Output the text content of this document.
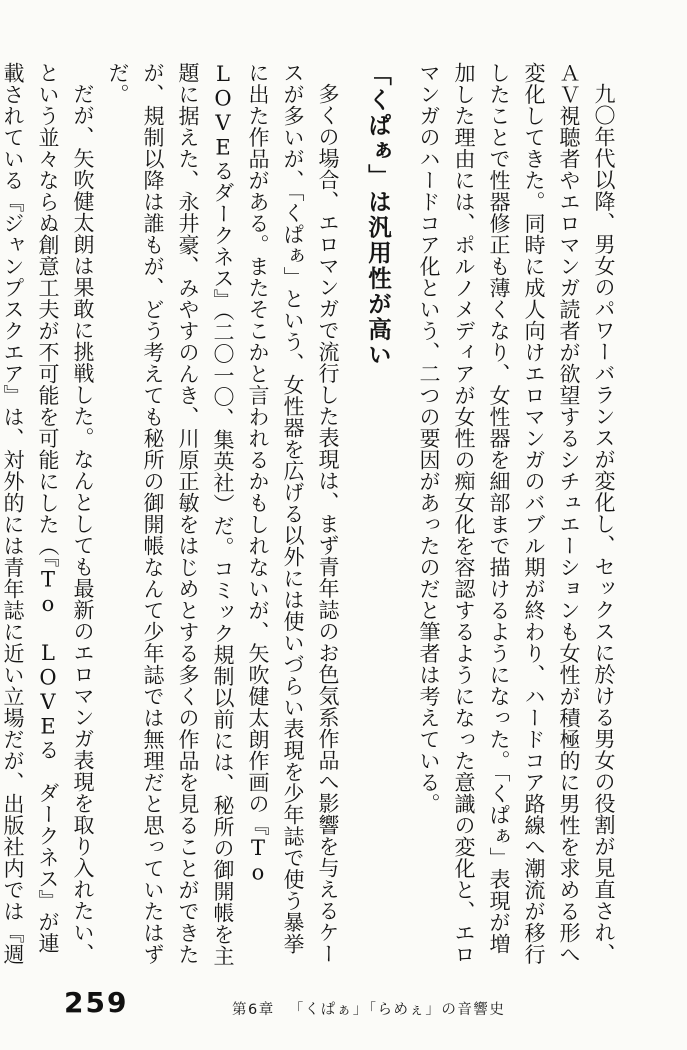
九〇年代以降、男女のパワーバランスが変化し、セックスに於ける男女の役割が見直され、ＡＶ視聴者やエロマンガ読者が欲望するシチュエーションも女性が積極的に男性を求める形へ変化してきた。同時に成人向けエロマンガのバブル期が終わり、ハードコア路線へ潮流が移行したことで性器修正も薄くなり、女性器を細部まで描けるようになった。「くぱぁ」表現が増加した理由には、ポルノメディアが女性の痴女化を容認するようになった意識の変化と、エロマンガのハードコア化という、二つの要因があったのだと筆者は考えている。

「くぱぁ」は汎用性が高い

多くの場合、エロマンガで流行した表現は、まず青年誌のお色気系作品へ影響を与えるケースが多いが、「くぱぁ」という、女性器を広げる以外には使いづらい表現を少年誌で使う暴挙に出た作品がある。またそこかと言われるかもしれないが、矢吹健太朗作画の『To LOVEるダークネス』（二〇一〇、集英社）だ。コミック規制以前には、秘所の御開帳を主題に据えた、永井豪、みやすのんき、川原正敏をはじめとする多くの作品を見ることができたが、規制以降は誰もが、どう考えても秘所の御開帳なんて少年誌では無理だと思っていたはずだ。

だが、矢吹健太朗は果敢に挑戦した。なんとしても最新のエロマンガ表現を取り入れたい、という並々ならぬ創意工夫が不可能を可能にした（『To LOVEる　ダークネス』が連載されている『ジャンプスクエア』は、対外的には青年誌に近い立場だが、出版社内では『週

259	第6章 「くぱぁ」「らめぇ」の音響史
